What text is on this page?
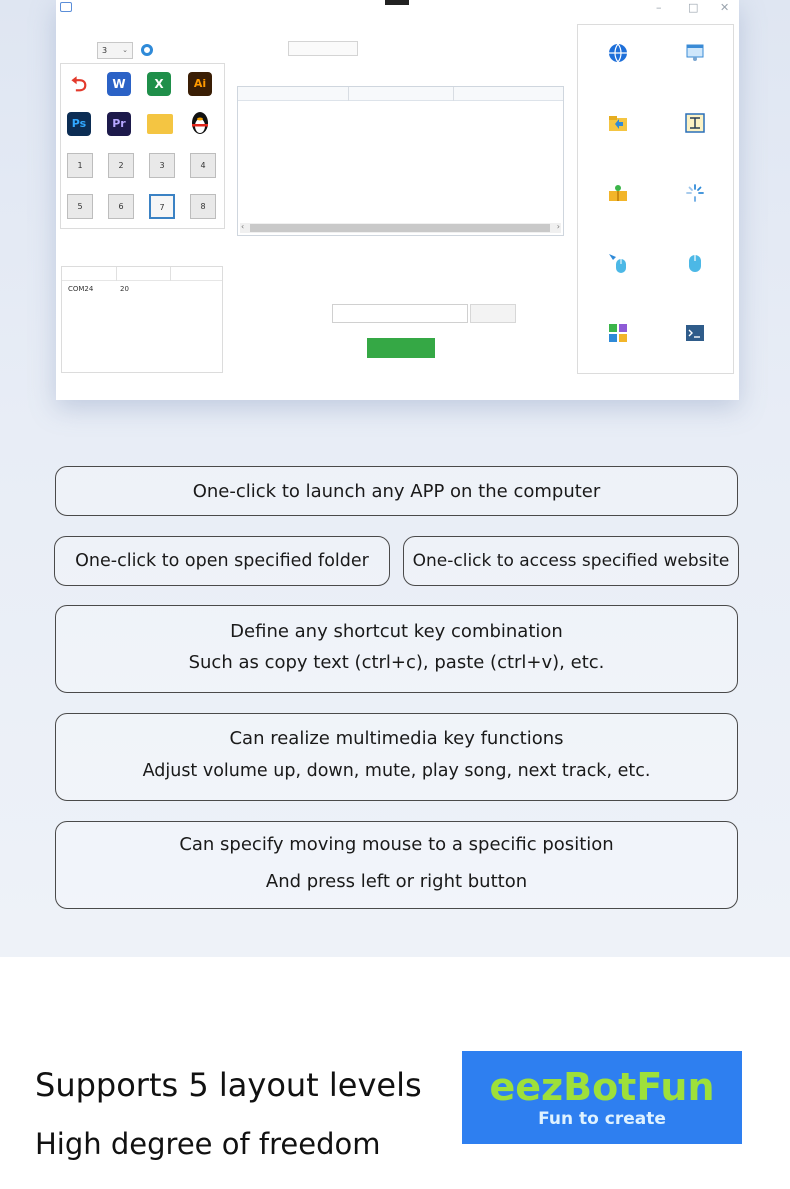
– □ ✕
3 ⌄
⮌	W	X	Ai
Ps	Pr
1	2	3	4
5	6	7	8
‹	›
COM24	20
One-click to launch any APP on the computer
One-click to open specified folder	One-click to access specified website
Define any shortcut key combination
Such as copy text (ctrl+c), paste (ctrl+v), etc.
Can realize multimedia key functions
Adjust volume up, down, mute, play song, next track, etc.
Can specify moving mouse to a specific position
And press left or right button
Supports 5 layout levels
High degree of freedom
eezBotFun
Fun to create
